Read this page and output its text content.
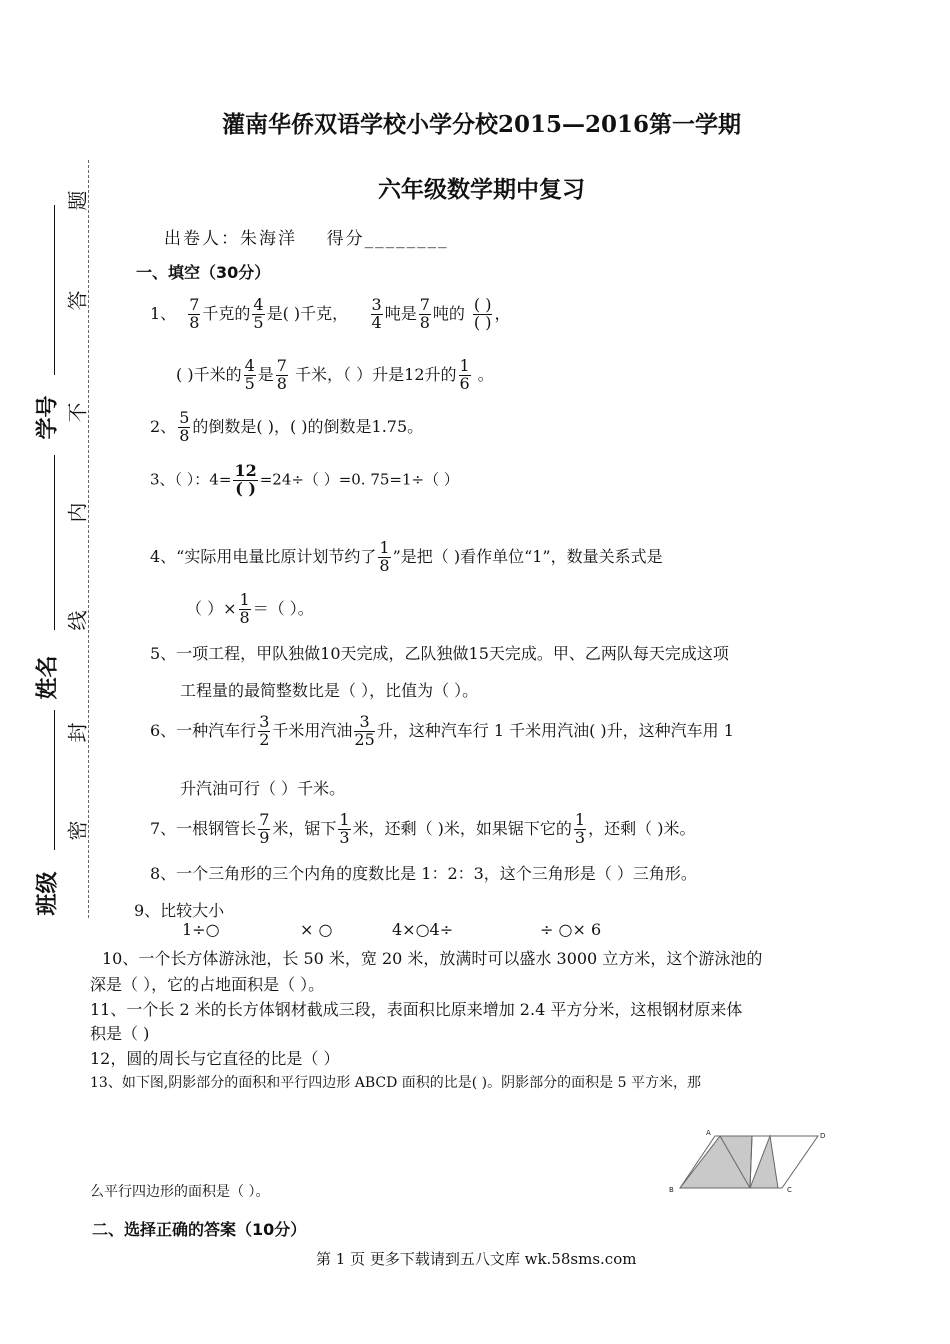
灌南华侨双语学校小学分校2015—2016第一学期
六年级数学期中复习
出卷人：朱海洋 得分________
学号
姓名
班级
题
答
不
内
线
封
密
一、填空（30分）
1、 $\frac{7}{8}$ 千克的 $\frac{4}{5}$ 是( )千克， $\frac{3}{4}$ 吨是 $\frac{7}{8}$ 吨的 $\frac{( )}{( )}$ ，
( )千米的 $\frac{4}{5}$ 是 $\frac{7}{8}$ 千米，（ ）升是12升的 $\frac{1}{6}$ 。
2、 $\frac{5}{8}$ 的倒数是( )，( )的倒数是1.75。
3、（ ）：$4= \frac{12}{( )} =24\div$（ ）=0. 75=1÷（ ）
4、“实际用电量比原计划节约了 $\frac{1}{8}$ ”是把（ )看作单位“1”，数量关系式是
（ ）× $\frac{1}{8}$ ＝（ ）。
5、一项工程，甲队独做10天完成，乙队独做15天完成。甲、乙两队每天完成这项
工程量的最简整数比是（ ），比值为（ ）。
6、一种汽车行 $\frac{3}{2}$ 千米用汽油 $\frac{3}{25}$ 升，这种汽车行 1 千米用汽油( )升，这种汽车用 1
升汽油可行（ ）千米。
7、一根钢管长 $\frac{7}{9}$ 米，锯下 $\frac{1}{3}$ 米，还剩（ )米，如果锯下它的 $\frac{1}{3}$ ，还剩（ )米。
8、一个三角形的三个内角的度数比是 1：2：3，这个三角形是（ ）三角形。
9、比较大小
1÷○	× ○	4×○4÷	÷ ○× 6
10、一个长方体游泳池，长 50 米，宽 20 米，放满时可以盛水 3000 立方米，这个游泳池的
深是（ ），它的占地面积是（ ）。
11、一个长 2 米的长方体钢材截成三段，表面积比原来增加 2.4 平方分米，这根钢材原来体
积是（ )
12，圆的周长与它直径的比是（ ）
13、如下图,阴影部分的面积和平行四边形 ABCD 面积的比是( )。阴影部分的面积是 5 平方米，那
么平行四边形的面积是（ ）。
A	D
B	C
二、选择正确的答案（10分）
第 1 页 更多下载请到五八文库 wk.58sms.com
